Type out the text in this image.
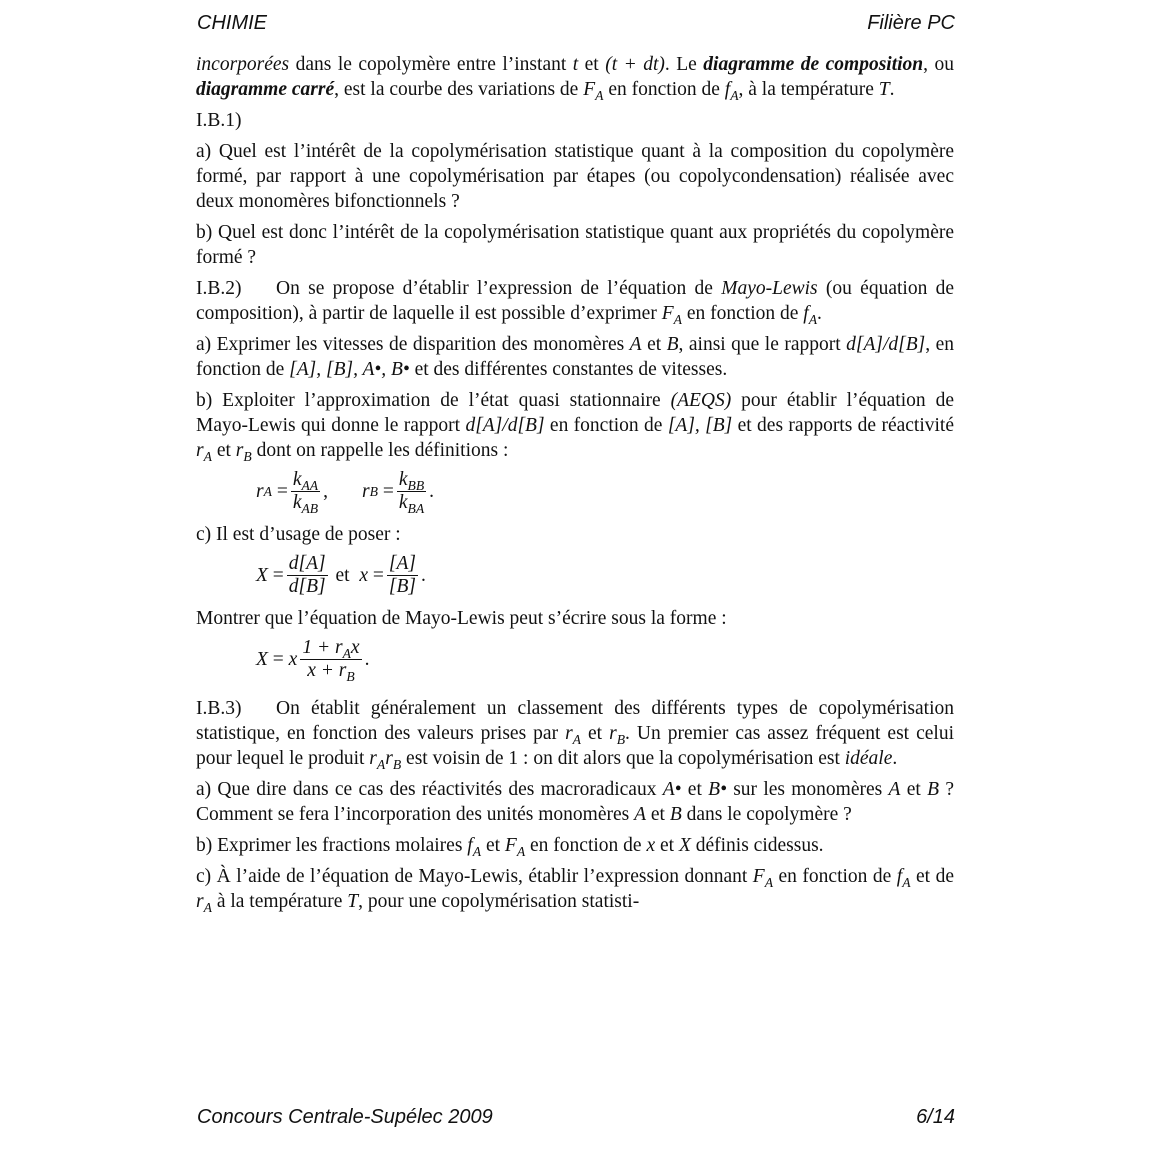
CHIMIE	Filière PC

incorporées dans le copolymère entre l’instant t et (t + dt). Le diagramme de composition, ou diagramme carré, est la courbe des variations de $F_A$ en fonction de $f_A$, à la température T.

I.B.1)

a) Quel est l’intérêt de la copolymérisation statistique quant à la composition du copolymère formé, par rapport à une copolymérisation par étapes (ou copolycondensation) réalisée avec deux monomères bifonctionnels ?

b) Quel est donc l’intérêt de la copolymérisation statistique quant aux propriétés du copolymère formé ?

I.B.2) On se propose d’établir l’expression de l’équation de Mayo-Lewis (ou équation de composition), à partir de laquelle il est possible d’exprimer $F_A$ en fonction de $f_A$.

a) Exprimer les vitesses de disparition des monomères A et B, ainsi que le rapport d[A]/d[B], en fonction de [A], [B], A•, B• et des différentes constantes de vitesses.

b) Exploiter l’approximation de l’état quasi stationnaire (AEQS) pour établir l’équation de Mayo-Lewis qui donne le rapport d[A]/d[B] en fonction de [A], [B] et des rapports de réactivité $r_A$ et $r_B$ dont on rappelle les définitions :

r A
= $\frac{k_{AA}}{k_{AB}}$ , r B
= $\frac{k_{BB}}{k_{BA}}$ .

c) Il est d’usage de poser :

X
= $\frac{d[A]}{d[B]}$ et
x
= $\frac{[A]}{[B]}$ .

Montrer que l’équation de Mayo-Lewis peut s’écrire sous la forme :

X
=
x $\frac{1 + r_Ax}{x + r_B}$ .

I.B.3) On établit généralement un classement des différents types de copolymérisation statistique, en fonction des valeurs prises par $r_A$ et $r_B$. Un premier cas assez fréquent est celui pour lequel le produit $r_Ar_B$ est voisin de 1 : on dit alors que la copolymérisation est idéale.

a) Que dire dans ce cas des réactivités des macroradicaux A• et B• sur les monomères A et B ? Comment se fera l’incorporation des unités monomères A et B dans le copolymère ?

b) Exprimer les fractions molaires $f_A$ et $F_A$ en fonction de x et X définis cidessus.

c) À l’aide de l’équation de Mayo-Lewis, établir l’expression donnant $F_A$ en fonction de $f_A$ et de $r_A$ à la température T, pour une copolymérisation statisti-

Concours Centrale-Supélec 2009	6/14
